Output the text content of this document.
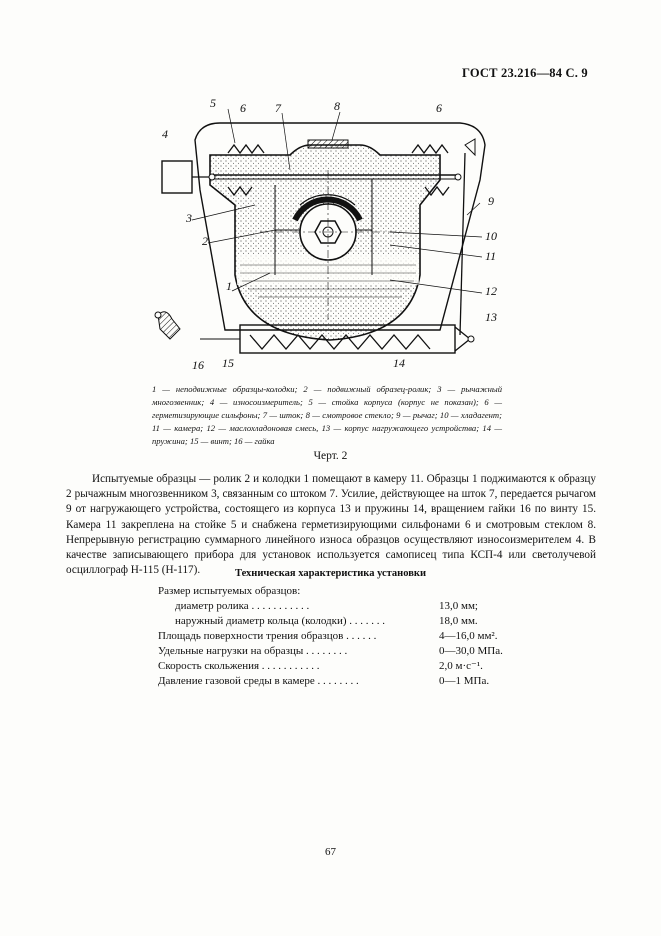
ГОСТ 23.216—84 С. 9
1
2
3
4
5 6 7	8	6
9
10
11
12
13
14
15
16
1 — неподвижные образцы-колодки; 2 — подвижный образец-ролик; 3 — рычажный многозвенник; 4 — износоизмеритель; 5 — стойка корпуса (корпус не показан); 6 — герметизирующие сильфоны; 7 — шток; 8 — смотровое стекло; 9 — рычаг; 10 — хладагент; 11 — камера; 12 — маслохладоновая смесь, 13 — корпус нагружающего устройства; 14 — пружина; 15 — винт; 16 — гайка
Черт. 2
Испытуемые образцы — ролик 2 и колодки 1 помещают в камеру 11. Образцы 1 поджимаются к образцу 2 рычажным многозвенником 3, связанным со штоком 7. Усилие, действующее на шток 7, передается рычагом 9 от нагружающего устройства, состоящего из корпуса 13 и пружины 14, вращением гайки 16 по винту 15. Камера 11 закреплена на стойке 5 и снабжена герметизирующими сильфонами 6 и смотровым стеклом 8. Непрерывную регистрацию суммарного линейного износа образцов осуществляют износоизмерителем 4. В качестве записывающего прибора для установок используется самописец типа КСП-4 или светолучевой осциллограф Н-115 (Н-117).	Техническая характеристика установки
Размер испытуемых образцов:
диаметр ролика . . . . . . . . . . .	13,0 мм;
наружный диаметр кольца (колодки) . . . . . . .	18,0 мм.
Площадь поверхности трения образцов . . . . . .	4—16,0 мм².
Удельные нагрузки на образцы . . . . . . . .	0—30,0 МПа.
Скорость скольжения . . . . . . . . . . .	2,0 м·с⁻¹.
Давление газовой среды в камере . . . . . . . .	0—1 МПа.
67
